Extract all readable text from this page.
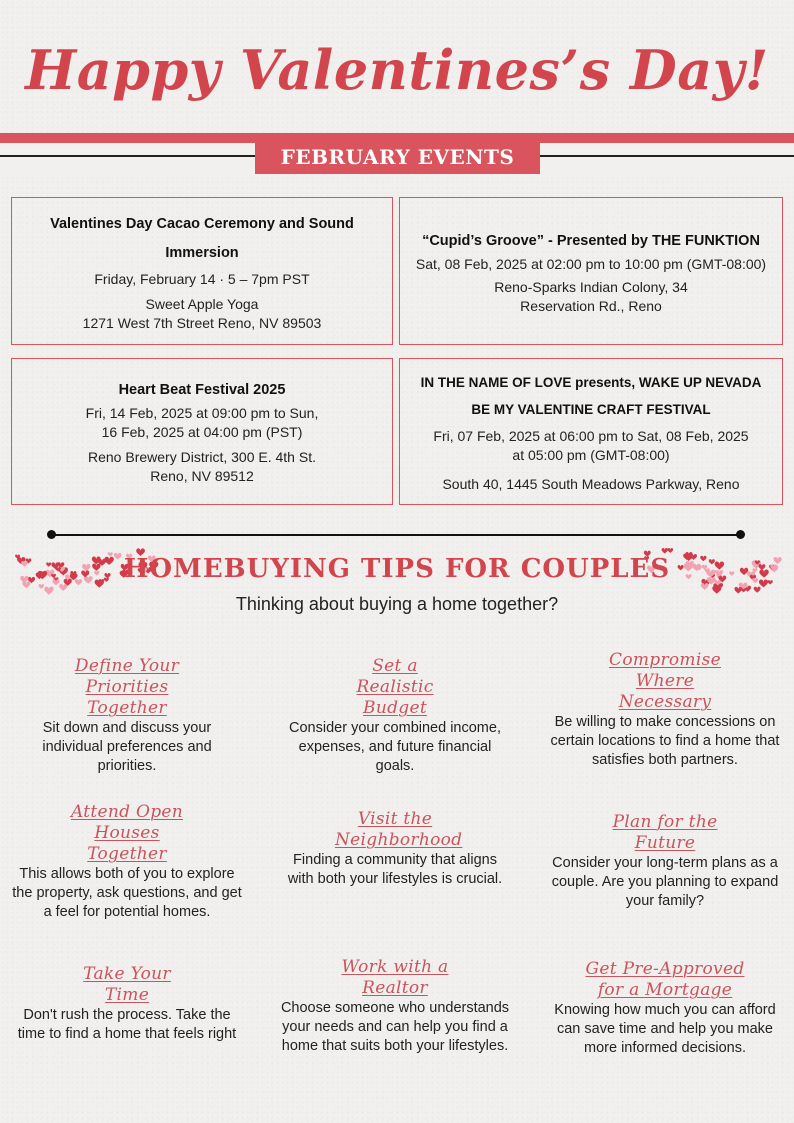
Happy Valentines’s Day!
FEBRUARY EVENTS
Valentines Day Cacao Ceremony and Sound Immersion
Friday, February 14 · 5 – 7pm PST
Sweet Apple Yoga
1271 West 7th Street Reno, NV 89503
“Cupid’s Groove” - Presented by THE FUNKTION
Sat, 08 Feb, 2025 at 02:00 pm to 10:00 pm (GMT-08:00)
Reno-Sparks Indian Colony, 34
Reservation Rd., Reno
Heart Beat Festival 2025
Fri, 14 Feb, 2025 at 09:00 pm to Sun, 16 Feb, 2025 at 04:00 pm (PST)
Reno Brewery District, 300 E. 4th St.
Reno, NV 89512
IN THE NAME OF LOVE presents, WAKE UP NEVADA BE MY VALENTINE CRAFT FESTIVAL
Fri, 07 Feb, 2025 at 06:00 pm to Sat, 08 Feb, 2025 at 05:00 pm (GMT-08:00)
South 40, 1445 South Meadows Parkway, Reno
HOMEBUYING TIPS FOR COUPLES
Thinking about buying a home together?
Define Your Priorities Together
Sit down and discuss your individual preferences and priorities.
Set a Realistic Budget
Consider your combined income, expenses, and future financial goals.
Compromise Where Necessary
Be willing to make concessions on certain locations to find a home that satisfies both partners.
Attend Open Houses Together
This allows both of you to explore the property, ask questions, and get a feel for potential homes.
Visit the Neighborhood
Finding a community that aligns with both your lifestyles is crucial.
Plan for the Future
Consider your long-term plans as a couple. Are you planning to expand your family?
Take Your Time
Don't rush the process. Take the time to find a home that feels right
Work with a Realtor
Choose someone who understands your needs and can help you find a home that suits both your lifestyles.
Get Pre-Approved for a Mortgage
Knowing how much you can afford can save time and help you make more informed decisions.
